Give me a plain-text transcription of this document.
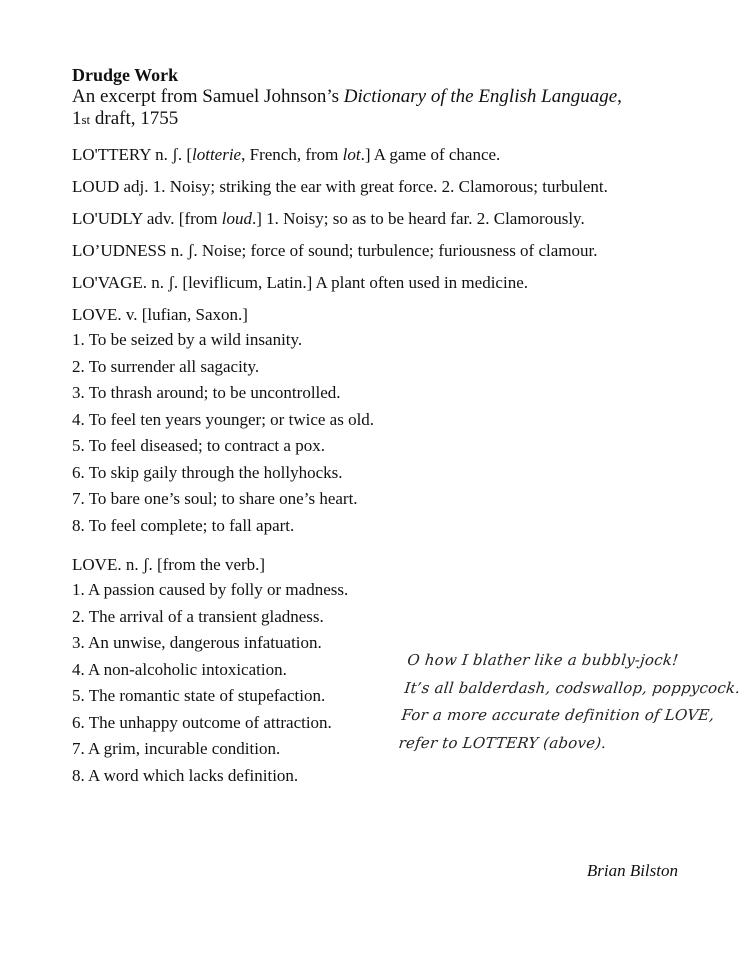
Drudge Work
An excerpt from Samuel Johnson’s Dictionary of the English Language,
1st draft, 1755
LO'TTERY n. ʃ. [lotterie, French, from lot.] A game of chance.
LOUD adj. 1. Noisy; striking the ear with great force. 2. Clamorous; turbulent.
LO'UDLY adv. [from loud.] 1. Noisy; so as to be heard far. 2. Clamorously.
LO’UDNESS n. ʃ. Noise; force of sound; turbulence; furiousness of clamour.
LO'VAGE. n. ʃ. [leviflicum, Latin.] A plant often used in medicine.
LOVE. v. [lufian, Saxon.]
1. To be seized by a wild insanity.
2. To surrender all sagacity.
3. To thrash around; to be uncontrolled.
4. To feel ten years younger; or twice as old.
5. To feel diseased; to contract a pox.
6. To skip gaily through the hollyhocks.
7. To bare one’s soul; to share one’s heart.
8. To feel complete; to fall apart.
LOVE. n. ʃ. [from the verb.]
1. A passion caused by folly or madness.
2. The arrival of a transient gladness.
3. An unwise, dangerous infatuation.
4. A non-alcoholic intoxication.
5. The romantic state of stupefaction.
6. The unhappy outcome of attraction.
7. A grim, incurable condition.
8. A word which lacks definition.
O how I blather like a bubbly-jock!
It’s all balderdash, codswallop, poppycock.
For a more accurate definition of LOVE,
refer to LOTTERY (above).
Brian Bilston
